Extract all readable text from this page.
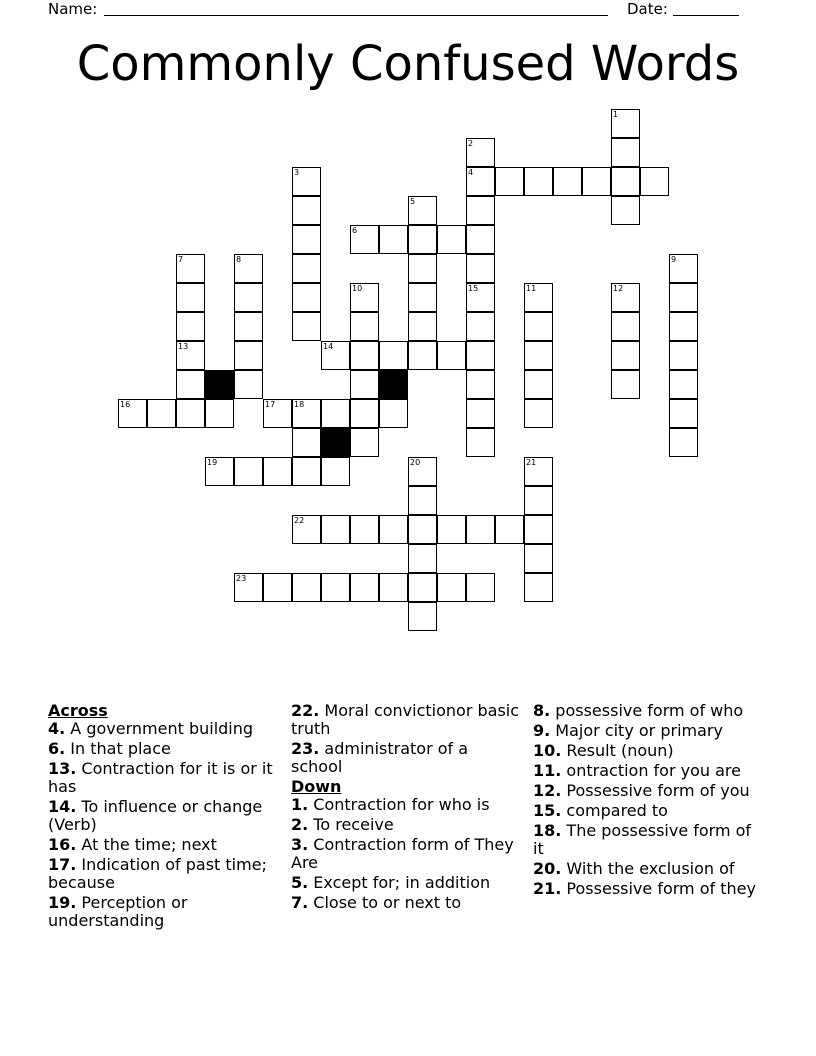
Name:	Date:
Commonly Confused Words
1
2
4
15
3
5
6
7
13
8	9
10	11	12
14
16	17 18
19	20	21
22
23
Across
4. A government building
6. In that place
13. Contraction for it is or it has
14. To influence or change (Verb)
16. At the time; next
17. Indication of past time; because
19. Perception or understanding
22. Moral convictionor basic truth
23. administrator of a school
Down
1. Contraction for who is
2. To receive
3. Contraction form of They Are
5. Except for; in addition
7. Close to or next to
8. possessive form of who
9. Major city or primary
10. Result (noun)
11. ontraction for you are
12. Possessive form of you
15. compared to
18. The possessive form of it
20. With the exclusion of
21. Possessive form of they
